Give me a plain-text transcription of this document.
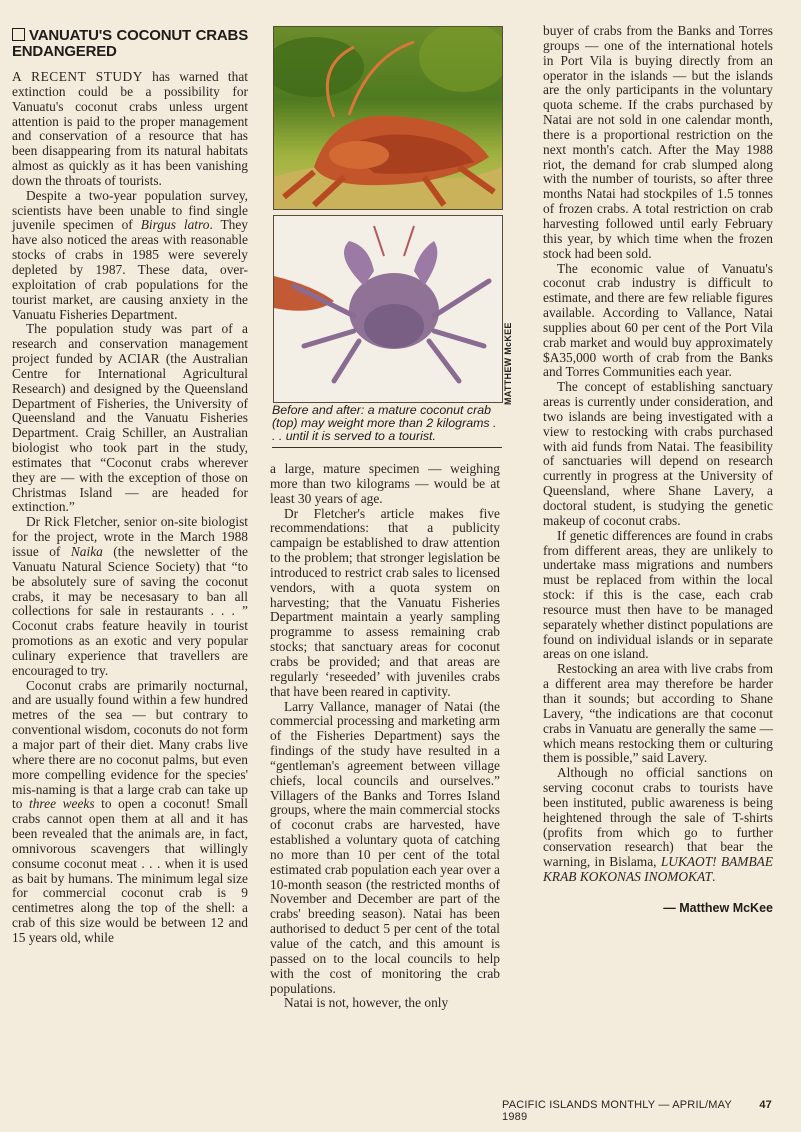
VANUATU'S COCONUT CRABS ENDANGERED

A RECENT STUDY has warned that extinction could be a possibility for Vanuatu's coconut crabs unless urgent attention is paid to the proper management and conservation of a resource that has been disappearing from its natural habitats almost as quickly as it has been vanishing down the throats of tourists.

Despite a two-year population survey, scientists have been unable to find single juvenile specimen of Birgus latro. They have also noticed the areas with reasonable stocks of crabs in 1985 were severely depleted by 1987. These data, over-exploitation of crab populations for the tourist market, are causing anxiety in the Vanuatu Fisheries Department.

The population study was part of a research and conservation management project funded by ACIAR (the Australian Centre for International Agricultural Research) and designed by the Queensland Department of Fisheries, the University of Queensland and the Vanuatu Fisheries Department. Craig Schiller, an Australian biologist who took part in the study, estimates that “Coconut crabs wherever they are — with the exception of those on Christmas Island — are headed for extinction.”

Dr Rick Fletcher, senior on-site biologist for the project, wrote in the March 1988 issue of Naika (the newsletter of the Vanuatu Natural Science Society) that “to be absolutely sure of saving the coconut crabs, it may be necesasary to ban all collections for sale in restaurants . . . ” Coconut crabs feature heavily in tourist promotions as an exotic and very popular culinary experience that travellers are encouraged to try.

Coconut crabs are primarily nocturnal, and are usually found within a few hundred metres of the sea — but contrary to conventional wisdom, coconuts do not form a major part of their diet. Many crabs live where there are no coconut palms, but even more compelling evidence for the species' mis-naming is that a large crab can take up to three weeks to open a coconut! Small crabs cannot open them at all and it has been revealed that the animals are, in fact, omnivorous scavengers that willingly consume coconut meat . . . when it is used as bait by humans. The minimum legal size for commercial coconut crab is 9 centimetres along the top of the shell: a crab of this size would be between 12 and 15 years old, while

MATTHEW McKEE
Before and after: a mature coconut crab (top) may weight more than 2 kilograms . . . until it is served to a tourist.

a large, mature specimen — weighing more than two kilograms — would be at least 30 years of age.

Dr Fletcher's article makes five recommendations: that a publicity campaign be established to draw attention to the problem; that stronger legislation be introduced to restrict crab sales to licensed vendors, with a quota system on harvesting; that the Vanuatu Fisheries Department maintain a yearly sampling programme to assess remaining crab stocks; that sanctuary areas for coconut crabs be provided; and that areas are regularly ‘reseeded’ with juveniles crabs that have been reared in captivity.

Larry Vallance, manager of Natai (the commercial processing and marketing arm of the Fisheries Department) says the findings of the study have resulted in a “gentleman's agreement between village chiefs, local councils and ourselves.” Villagers of the Banks and Torres Island groups, where the main commercial stocks of coconut crabs are harvested, have established a voluntary quota of catching no more than 10 per cent of the total estimated crab population each year over a 10-month season (the restricted months of November and December are part of the crabs' breeding season). Natai has been authorised to deduct 5 per cent of the total value of the catch, and this amount is passed on to the local councils to help with the cost of monitoring the crab populations.

Natai is not, however, the only

buyer of crabs from the Banks and Torres groups — one of the international hotels in Port Vila is buying directly from an operator in the islands — but the islands are the only participants in the voluntary quota scheme. If the crabs purchased by Natai are not sold in one calendar month, there is a proportional restriction on the next month's catch. After the May 1988 riot, the demand for crab slumped along with the number of tourists, so after three months Natai had stockpiles of 1.5 tonnes of frozen crabs. A total restriction on crab harvesting followed until early February this year, by which time when the frozen stock had been sold.

The economic value of Vanuatu's coconut crab industry is difficult to estimate, and there are few reliable figures available. According to Vallance, Natai supplies about 60 per cent of the Port Vila crab market and would buy approximately $A35,000 worth of crab from the Banks and Torres Communities each year.

The concept of establishing sanctuary areas is currently under consideration, and two islands are being investigated with a view to restocking with crabs purchased with aid funds from Natai. The feasibility of sanctuaries will depend on research currently in progress at the University of Queensland, where Shane Lavery, a doctoral student, is studying the genetic makeup of coconut crabs.

If genetic differences are found in crabs from different areas, they are unlikely to undertake mass migrations and numbers must be replaced from within the local stock: if this is the case, each crab resource must then have to be managed separately whether distinct populations are found on individual islands or in separate areas on one island.

Restocking an area with live crabs from a different area may therefore be harder than it sounds; but according to Shane Lavery, “the indications are that coconut crabs in Vanuatu are generally the same — which means restocking them or culturing them is possible,” said Lavery.

Although no official sanctions on serving coconut crabs to tourists have been instituted, public awareness is being heightened through the sale of T-shirts (profits from which go to further conservation research) that bear the warning, in Bislama, LUKAOT! BAMBAE KRAB KOKONAS INOMOKAT.

— Matthew McKee
PACIFIC ISLANDS MONTHLY — APRIL/MAY 1989
47
